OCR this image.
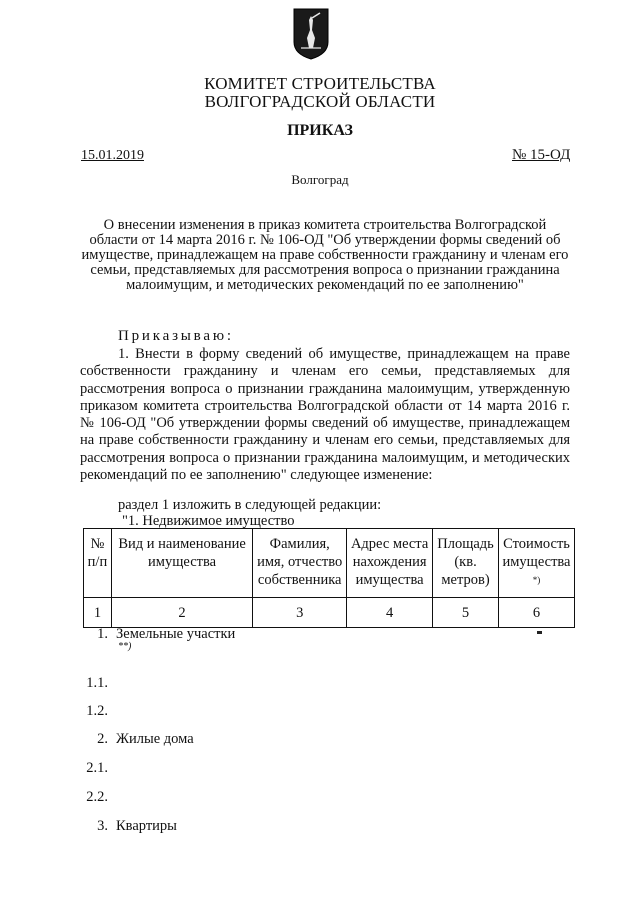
КОМИТЕТ СТРОИТЕЛЬСТВА
ВОЛГОГРАДСКОЙ ОБЛАСТИ
ПРИКАЗ
15.01.2019	№ 15-ОД
Волгоград
О внесении изменения в приказ комитета строительства Волгоградской области от 14 марта 2016 г. № 106-ОД "Об утверждении формы сведений об имуществе, принадлежащем на праве собственности гражданину и членам его семьи, представляемых для рассмотрения вопроса о признании гражданина малоимущим, и методических рекомендаций по ее заполнению"
Приказываю:

1. Внести в форму сведений об имуществе, принадлежащем на праве собственности гражданину и членам его семьи, представляемых для рассмотрения вопроса о признании гражданина малоимущим, утвержденную приказом комитета строительства Волгоградской области от 14 марта 2016 г. № 106-ОД "Об утверждении формы сведений об имуществе, принадлежащем на праве собственности гражданину и членам его семьи, представляемых для рассмотрения вопроса о признании гражданина малоимущим, и методических рекомендаций по ее заполнению" следующее изменение:

раздел 1 изложить в следующей редакции:
"1. Недвижимое имущество
№ п/п	Вид и наименование имущества	Фамилия, имя, отчество собственника	Адрес места нахождения имущества	Площадь (кв. метров)	Стоимость имущества
*)
1	2	3	4	5	6
1. Земельные участки
**)
1.1.
1.2.
2. Жилые дома
2.1.
2.2.
3. Квартиры
